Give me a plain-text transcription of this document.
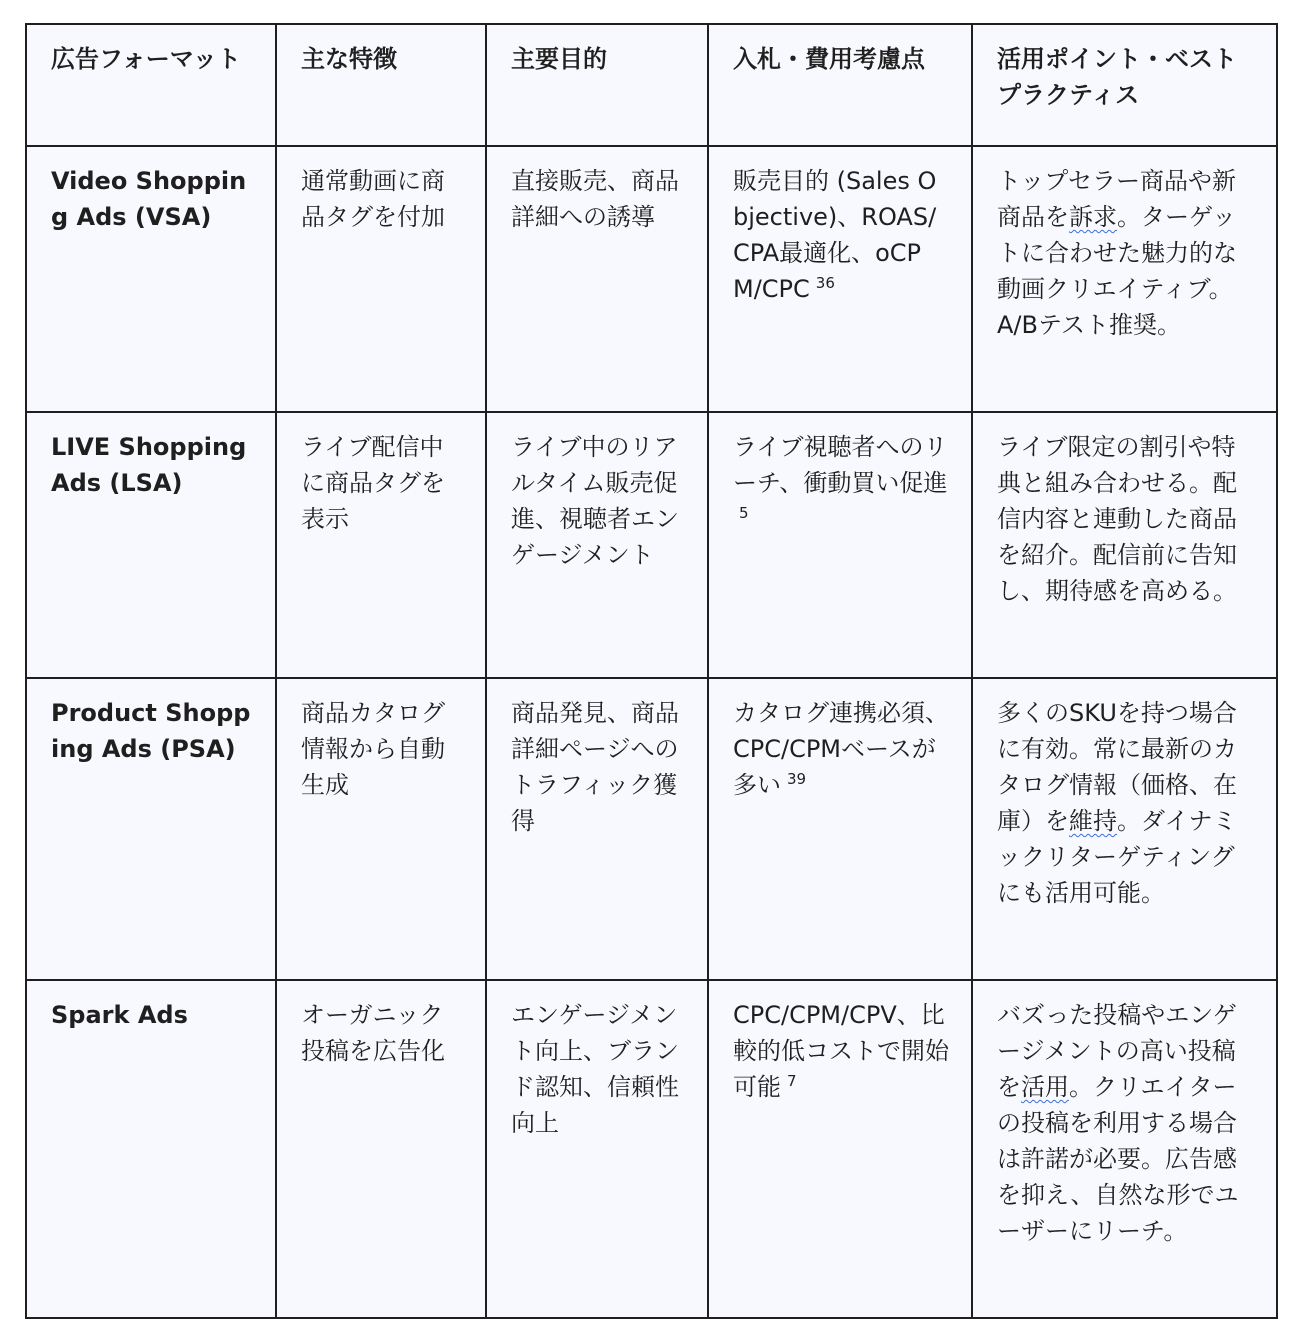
広告フォーマット	主な特徴	主要目的	入札・費用考慮点	活用ポイント・ベストプラクティス
Video Shopping Ads (VSA)	通常動画に商品タグを付加	直接販売、商品詳細への誘導	販売目的 (Sales Objective)、ROAS/CPA最適化、oCPM/CPC $^{36}$	トップセラー商品や新商品を訴求。ターゲットに合わせた魅力的な動画クリエイティブ。A/Bテスト推奨。
LIVE Shopping Ads (LSA)	ライブ配信中に商品タグを表示	ライブ中のリアルタイム販売促進、視聴者エンゲージメント	ライブ視聴者へのリーチ、衝動買い促進$^5$	ライブ限定の割引や特典と組み合わせる。配信内容と連動した商品を紹介。配信前に告知し、期待感を高める。
Product Shopping Ads (PSA)	商品カタログ情報から自動生成	商品発見、商品詳細ページへのトラフィック獲得	カタログ連携必須、CPC/CPMベースが多い $^{39}$	多くのSKUを持つ場合に有効。常に最新のカタログ情報（価格、在庫）を維持。ダイナミックリターゲティングにも活用可能。
Spark Ads	オーガニック投稿を広告化	エンゲージメント向上、ブランド認知、信頼性向上	CPC/CPM/CPV、比較的低コストで開始可能 $^7$	バズった投稿やエンゲージメントの高い投稿を活用。クリエイターの投稿を利用する場合は許諾が必要。広告感を抑え、自然な形でユーザーにリーチ。
